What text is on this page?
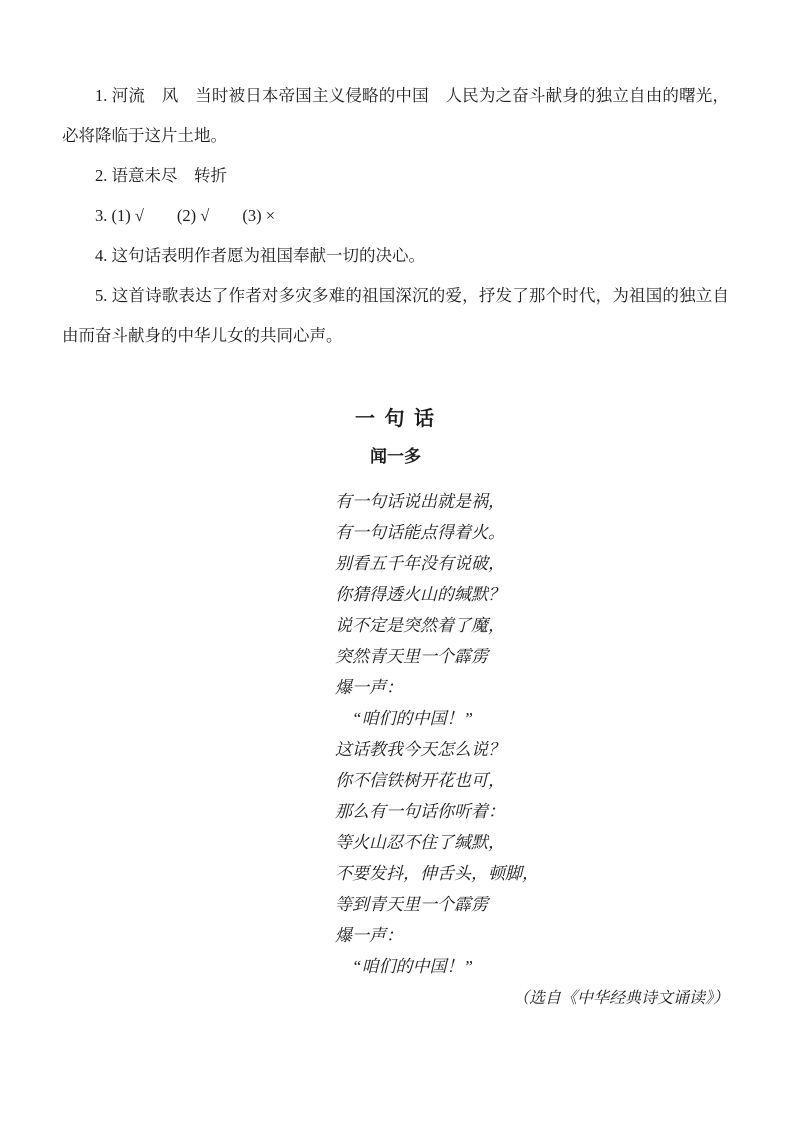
1. 河流　风　当时被日本帝国主义侵略的中国　人民为之奋斗献身的独立自由的曙光，必将降临于这片土地。

2. 语意未尽　转折

3. (1) √　　(2) √　　(3) ×

4. 这句话表明作者愿为祖国奉献一切的决心。

5. 这首诗歌表达了作者对多灾多难的祖国深沉的爱，抒发了那个时代，为祖国的独立自由而奋斗献身的中华儿女的共同心声。

一 句 话
闻一多
有一句话说出就是祸，
有一句话能点得着火。
别看五千年没有说破，
你猜得透火山的缄默？
说不定是突然着了魔，
突然青天里一个霹雳
爆一声：
　“咱们的中国！”
这话教我今天怎么说？
你不信铁树开花也可，
那么有一句话你听着：
等火山忍不住了缄默，
不要发抖，伸舌头，顿脚，
等到青天里一个霹雳
爆一声：
　“咱们的中国！”
（选自《中华经典诗文诵读》）
